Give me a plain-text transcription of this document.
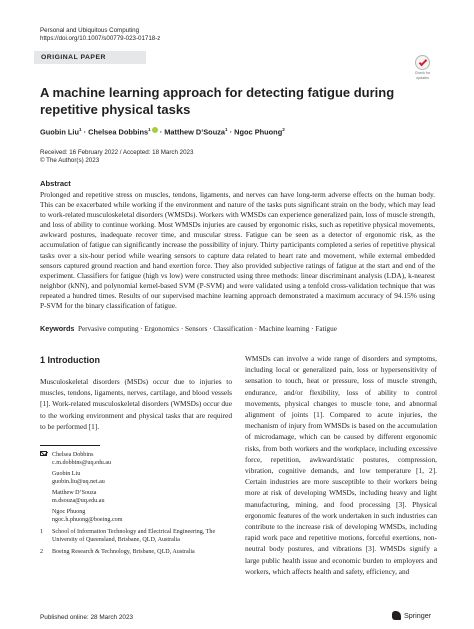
Personal and Ubiquitous Computing
https://doi.org/10.1007/s00779-023-01718-z
ORIGINAL PAPER
Check for
updates
A machine learning approach for detecting fatigue during repetitive physical tasks
Guobin Liu$^1$ · Chelsea Dobbins$^1$ · Matthew D’Souza$^1$ · Ngoc Phuong$^2$
Received: 16 February 2022 / Accepted: 18 March 2023
© The Author(s) 2023
Abstract
Prolonged and repetitive stress on muscles, tendons, ligaments, and nerves can have long-term adverse effects on the human body. This can be exacerbated while working if the environment and nature of the tasks puts significant strain on the body, which may lead to work-related musculoskeletal disorders (WMSDs). Workers with WMSDs can experience generalized pain, loss of muscle strength, and loss of ability to continue working. Most WMSDs injuries are caused by ergonomic risks, such as repetitive physical movements, awkward postures, inadequate recover time, and muscular stress. Fatigue can be seen as a detector of ergonomic risk, as the accumulation of fatigue can significantly increase the possibility of injury. Thirty participants completed a series of repetitive physical tasks over a six-hour period while wearing sensors to capture data related to heart rate and movement, while external embedded sensors captured ground reaction and hand exertion force. They also provided subjective ratings of fatigue at the start and end of the experiment. Classifiers for fatigue (high vs low) were constructed using three methods: linear discriminant analysis (LDA), k-nearest neighbor (kNN), and polynomial kernel-based SVM (P-SVM) and were validated using a tenfold cross-validation technique that was repeated a hundred times. Results of our supervised machine learning approach demonstrated a maximum accuracy of 94.15% using P-SVM for the binary classification of fatigue.
Keywords Pervasive computing · Ergonomics · Sensors · Classification · Machine learning · Fatigue
1 Introduction

Musculoskeletal disorders (MSDs) occur due to injuries to muscles, tendons, ligaments, nerves, cartilage, and blood vessels [1]. Work-related musculoskeletal disorders (WMSDs) occur due to the working environment and physical tasks that are required to be performed [1].

WMSDs can involve a wide range of disorders and symptoms, including local or generalized pain, loss or hypersensitivity of sensation to touch, heat or pressure, loss of muscle strength, endurance, and/or flexibility, loss of ability to control movements, physical changes to muscle tone, and abnormal alignment of joints [1]. Compared to acute injuries, the mechanism of injury from WMSDs is based on the accumulation of microdamage, which can be caused by different ergonomic risks, from both workers and the workplace, including excessive force, repetition, awkward/static postures, compression, vibration, cognitive demands, and low temperature [1, 2]. Certain industries are more susceptible to their workers being more at risk of developing WMSDs, including heavy and light manufacturing, mining, and food processing [3]. Physical ergonomic features of the work undertaken in such industries can contribute to the increase risk of developing WMSDs, including rapid work pace and repetitive motions, forceful exertions, non-neutral body postures, and vibrations [3]. WMSDs signify a large public health issue and economic burden to employers and workers, which affects health and safety, efficiency, and

Chelsea Dobbins
c.m.dobbins@uq.edu.au
Guobin Liu
guobin.liu@uq.net.au
Matthew D’Souza
m.dsouza@uq.edu.au
Ngoc Phuong
ngoc.h.phuong@boeing.com
1	School of Information Technology and Electrical Engineering, The University of Queensland, Brisbane, QLD, Australia
2	Boeing Research & Technology, Brisbane, QLD, Australia
Published online: 28 March 2023	Springer
